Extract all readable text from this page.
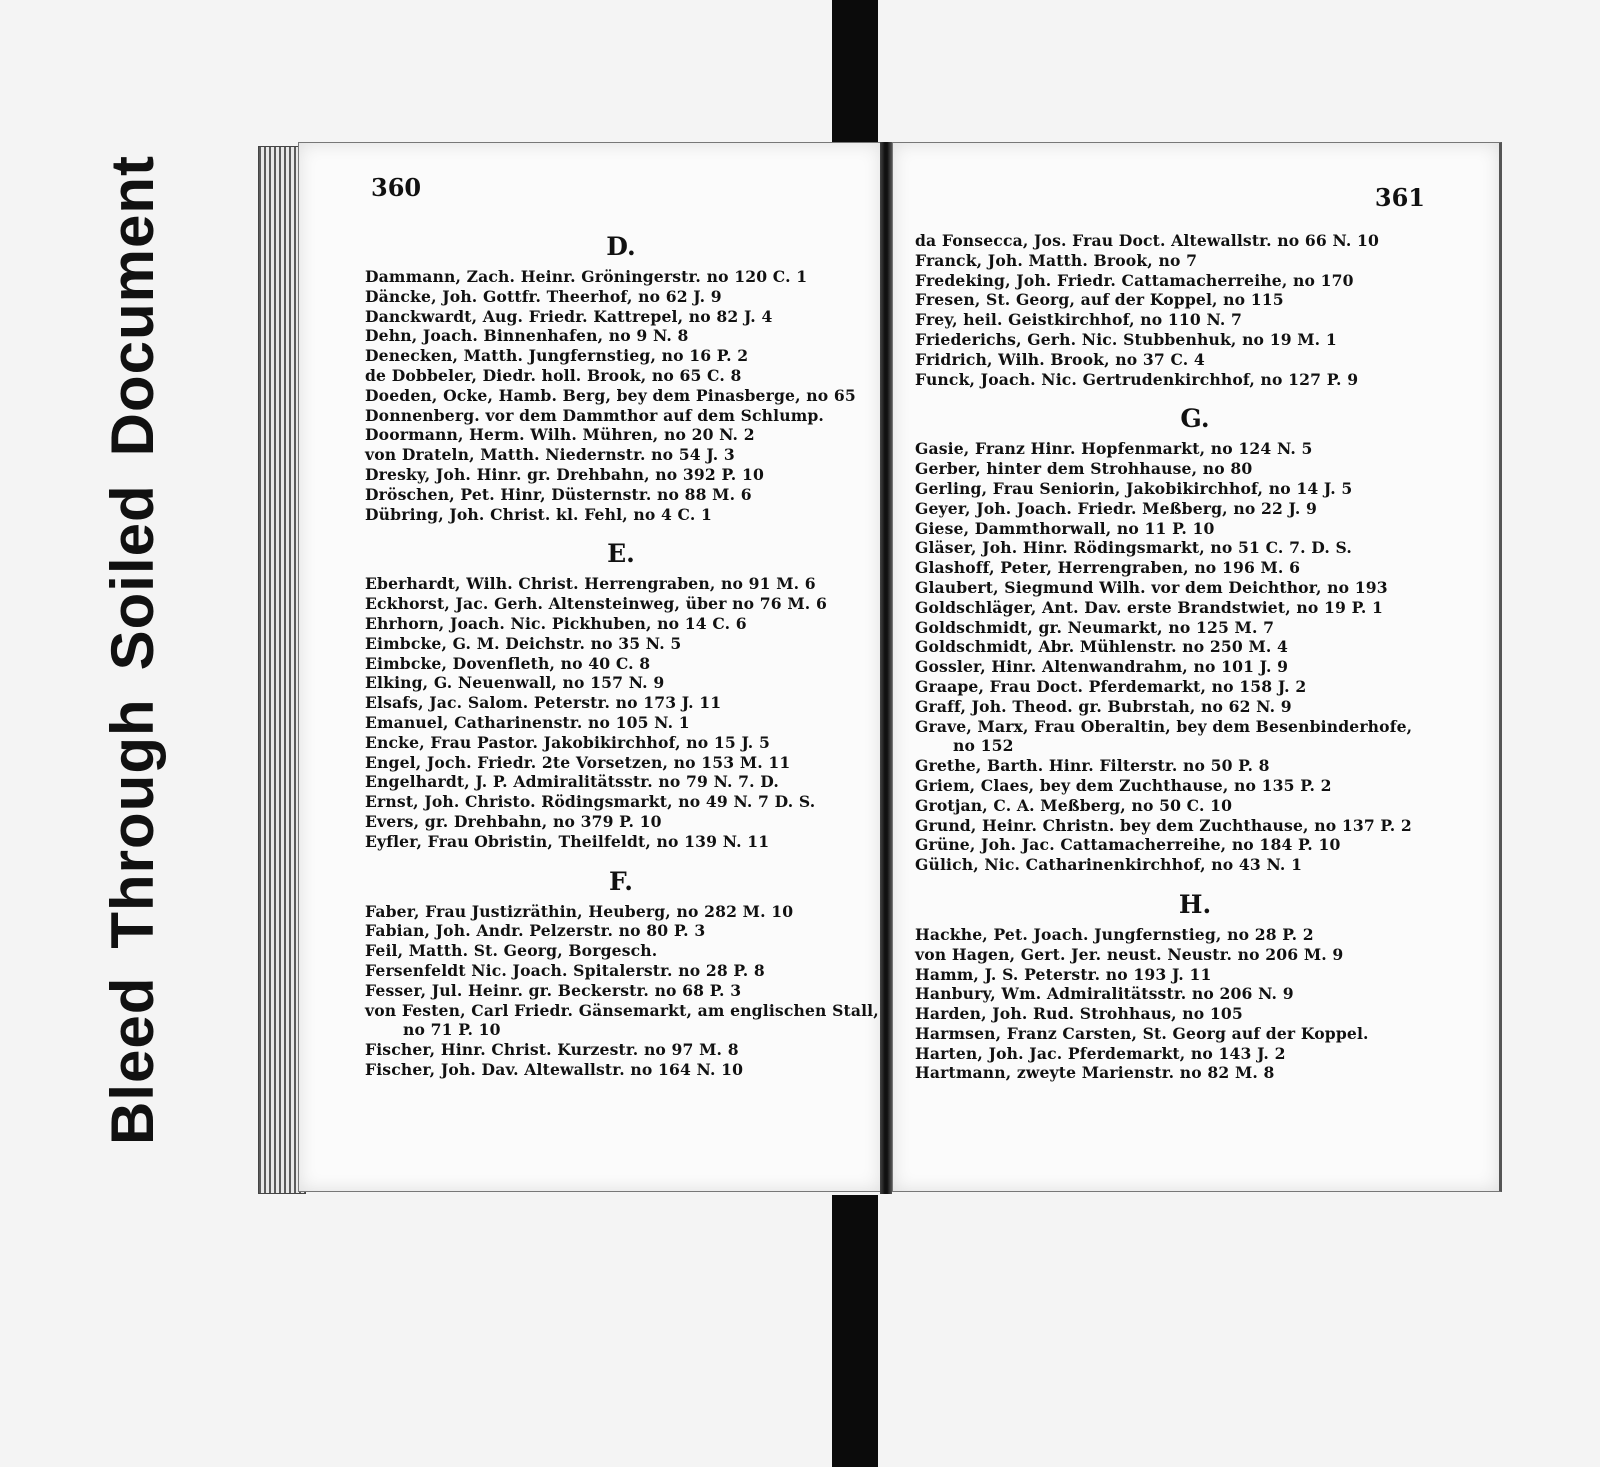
Bleed
Through
Soiled
Document	360
D.
Dammann, Zach. Heinr. Gröningerstr. no 120 C. 1
Däncke, Joh. Gottfr. Theerhof, no 62 J. 9
Danckwardt, Aug. Friedr. Kattrepel, no 82 J. 4
Dehn, Joach. Binnenhafen, no 9 N. 8
Denecken, Matth. Jungfernstieg, no 16 P. 2
de Dobbeler, Diedr. holl. Brook, no 65 C. 8
Doeden, Ocke, Hamb. Berg, bey dem Pinasberge, no 65
Donnenberg. vor dem Dammthor auf dem Schlump.
Doormann, Herm. Wilh. Mühren, no 20 N. 2
von Drateln, Matth. Niedernstr. no 54 J. 3
Dresky, Joh. Hinr. gr. Drehbahn, no 392 P. 10
Dröschen, Pet. Hinr, Düsternstr. no 88 M. 6
Dübring, Joh. Christ. kl. Fehl, no 4 C. 1
E.
Eberhardt, Wilh. Christ. Herrengraben, no 91 M. 6
Eckhorst, Jac. Gerh. Altensteinweg, über no 76 M. 6
Ehrhorn, Joach. Nic. Pickhuben, no 14 C. 6
Eimbcke, G. M. Deichstr. no 35 N. 5
Eimbcke, Dovenfleth, no 40 C. 8
Elking, G. Neuenwall, no 157 N. 9
Elsafs, Jac. Salom. Peterstr. no 173 J. 11
Emanuel, Catharinenstr. no 105 N. 1
Encke, Frau Pastor. Jakobikirchhof, no 15 J. 5
Engel, Joch. Friedr. 2te Vorsetzen, no 153 M. 11
Engelhardt, J. P. Admiralitätsstr. no 79 N. 7. D.
Ernst, Joh. Christo. Rödingsmarkt, no 49 N. 7 D. S.
Evers, gr. Drehbahn, no 379 P. 10
Eyfler, Frau Obristin, Theilfeldt, no 139 N. 11
F.
Faber, Frau Justizräthin, Heuberg, no 282 M. 10
Fabian, Joh. Andr. Pelzerstr. no 80 P. 3
Feil, Matth. St. Georg, Borgesch.
Fersenfeldt Nic. Joach. Spitalerstr. no 28 P. 8
Fesser, Jul. Heinr. gr. Beckerstr. no 68 P. 3
von Festen, Carl Friedr. Gänsemarkt, am englischen Stall,
no 71 P. 10
Fischer, Hinr. Christ. Kurzestr. no 97 M. 8
Fischer, Joh. Dav. Altewallstr. no 164 N. 10
361
da Fonsecca, Jos. Frau Doct. Altewallstr. no 66 N. 10
Franck, Joh. Matth. Brook, no 7
Fredeking, Joh. Friedr. Cattamacherreihe, no 170
Fresen, St. Georg, auf der Koppel, no 115
Frey, heil. Geistkirchhof, no 110 N. 7
Friederichs, Gerh. Nic. Stubbenhuk, no 19 M. 1
Fridrich, Wilh. Brook, no 37 C. 4
Funck, Joach. Nic. Gertrudenkirchhof, no 127 P. 9
G.
Gasie, Franz Hinr. Hopfenmarkt, no 124 N. 5
Gerber, hinter dem Strohhause, no 80
Gerling, Frau Seniorin, Jakobikirchhof, no 14 J. 5
Geyer, Joh. Joach. Friedr. Meßberg, no 22 J. 9
Giese, Dammthorwall, no 11 P. 10
Gläser, Joh. Hinr. Rödingsmarkt, no 51 C. 7. D. S.
Glashoff, Peter, Herrengraben, no 196 M. 6
Glaubert, Siegmund Wilh. vor dem Deichthor, no 193
Goldschläger, Ant. Dav. erste Brandstwiet, no 19 P. 1
Goldschmidt, gr. Neumarkt, no 125 M. 7
Goldschmidt, Abr. Mühlenstr. no 250 M. 4
Gossler, Hinr. Altenwandrahm, no 101 J. 9
Graape, Frau Doct. Pferdemarkt, no 158 J. 2
Graff, Joh. Theod. gr. Bubrstah, no 62 N. 9
Grave, Marx, Frau Oberaltin, bey dem Besenbinderhofe,
no 152
Grethe, Barth. Hinr. Filterstr. no 50 P. 8
Griem, Claes, bey dem Zuchthause, no 135 P. 2
Grotjan, C. A. Meßberg, no 50 C. 10
Grund, Heinr. Christn. bey dem Zuchthause, no 137 P. 2
Grüne, Joh. Jac. Cattamacherreihe, no 184 P. 10
Gülich, Nic. Catharinenkirchhof, no 43 N. 1
H.
Hackhe, Pet. Joach. Jungfernstieg, no 28 P. 2
von Hagen, Gert. Jer. neust. Neustr. no 206 M. 9
Hamm, J. S. Peterstr. no 193 J. 11
Hanbury, Wm. Admiralitätsstr. no 206 N. 9
Harden, Joh. Rud. Strohhaus, no 105
Harmsen, Franz Carsten, St. Georg auf der Koppel.
Harten, Joh. Jac. Pferdemarkt, no 143 J. 2
Hartmann, zweyte Marienstr. no 82 M. 8
